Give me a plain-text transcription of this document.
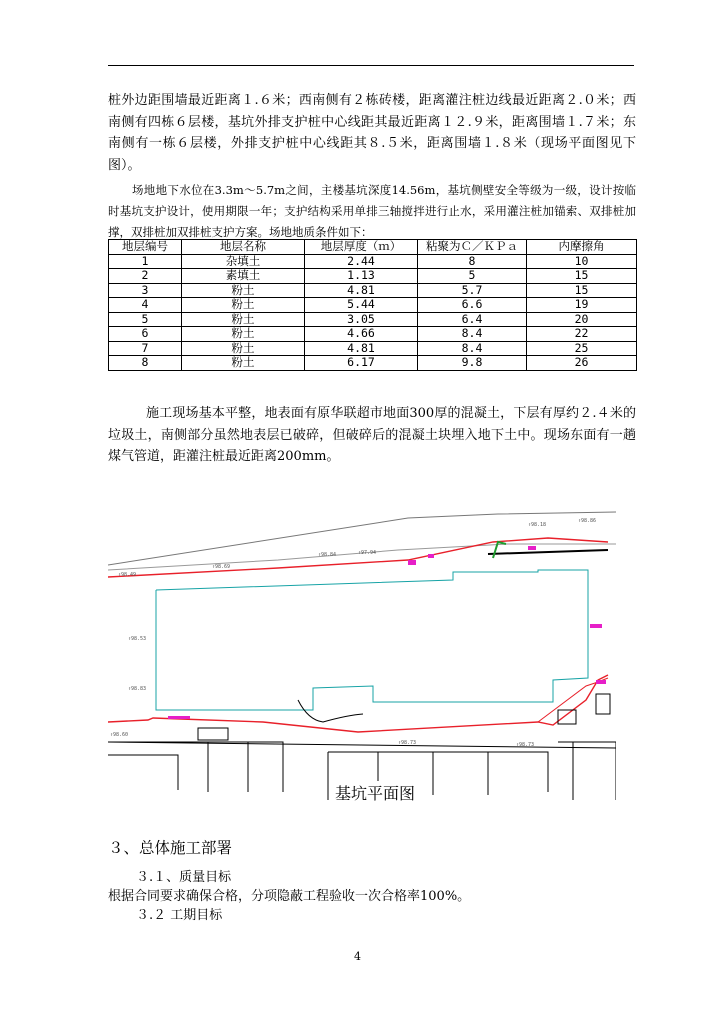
桩外边距围墙最近距离１.６米；西南侧有２栋砖楼，距离灌注桩边线最近距离２.０米；西南侧有四栋６层楼，基坑外排支护桩中心线距其最近距离１２.９米，距离围墙１.７米；东南侧有一栋６层楼，外排支护桩中心线距其８.５米，距离围墙１.８米（现场平面图见下图）。

场地地下水位在3.3m～5.7m之间，主楼基坑深度14.56m，基坑侧壁安全等级为一级，设计按临时基坑支护设计，使用期限一年；支护结构采用单排三轴搅拌进行止水，采用灌注桩加锚索、双排桩加撑，双排桩加双排桩支护方案。场地地质条件如下：

地层编号	地层名称	地层厚度（ｍ）	粘聚为Ｃ／ＫＰａ	内摩擦角
1	杂填土	2.44	8	10
2	素填土	1.13	5	15
3	粉土	4.81	5.7	15
4	粉土	5.44	6.6	19
5	粉土	3.05	6.4	20
6	粉土	4.66	8.4	22
7	粉土	4.81	8.4	25
8	粉土	6.17	9.8	26

施工现场基本平整，地表面有原华联超市地面300厚的混凝土，下层有厚约２.４米的垃圾土，南侧部分虽然地表层已破碎，但破碎后的混凝土块埋入地下土中。现场东面有一趟煤气管道，距灌注桩最近距离200mm。

↑98.84	↑97.94
↑98.69
↑98.49
↑98.86
↑98.18
↑98.53
↑98.83
↑98.73
↑98.73
↑98.60
基坑平面图
３、总体施工部署
３.１、质量目标
根据合同要求确保合格，分项隐蔽工程验收一次合格率100%。
３.２ 工期目标
4
